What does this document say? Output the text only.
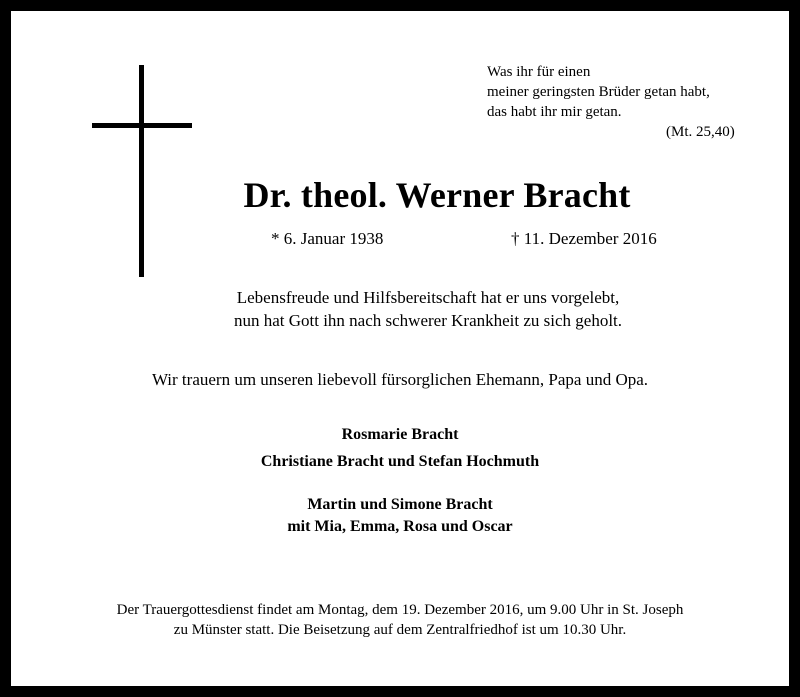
Was ihr für einen
meiner geringsten Brüder getan habt,
das habt ihr mir getan.
(Mt. 25,40)
Dr. theol. Werner Bracht
* 6. Januar 1938	† 11. Dezember 2016
Lebensfreude und Hilfsbereitschaft hat er uns vorgelebt,
nun hat Gott ihn nach schwerer Krankheit zu sich geholt.
Wir trauern um unseren liebevoll fürsorglichen Ehemann, Papa und Opa.
Rosmarie Bracht
Christiane Bracht und Stefan Hochmuth
Martin und Simone Bracht
mit Mia, Emma, Rosa und Oscar
Der Trauergottesdienst findet am Montag, dem 19. Dezember 2016, um 9.00 Uhr in St. Joseph
zu Münster statt. Die Beisetzung auf dem Zentralfriedhof ist um 10.30 Uhr.
